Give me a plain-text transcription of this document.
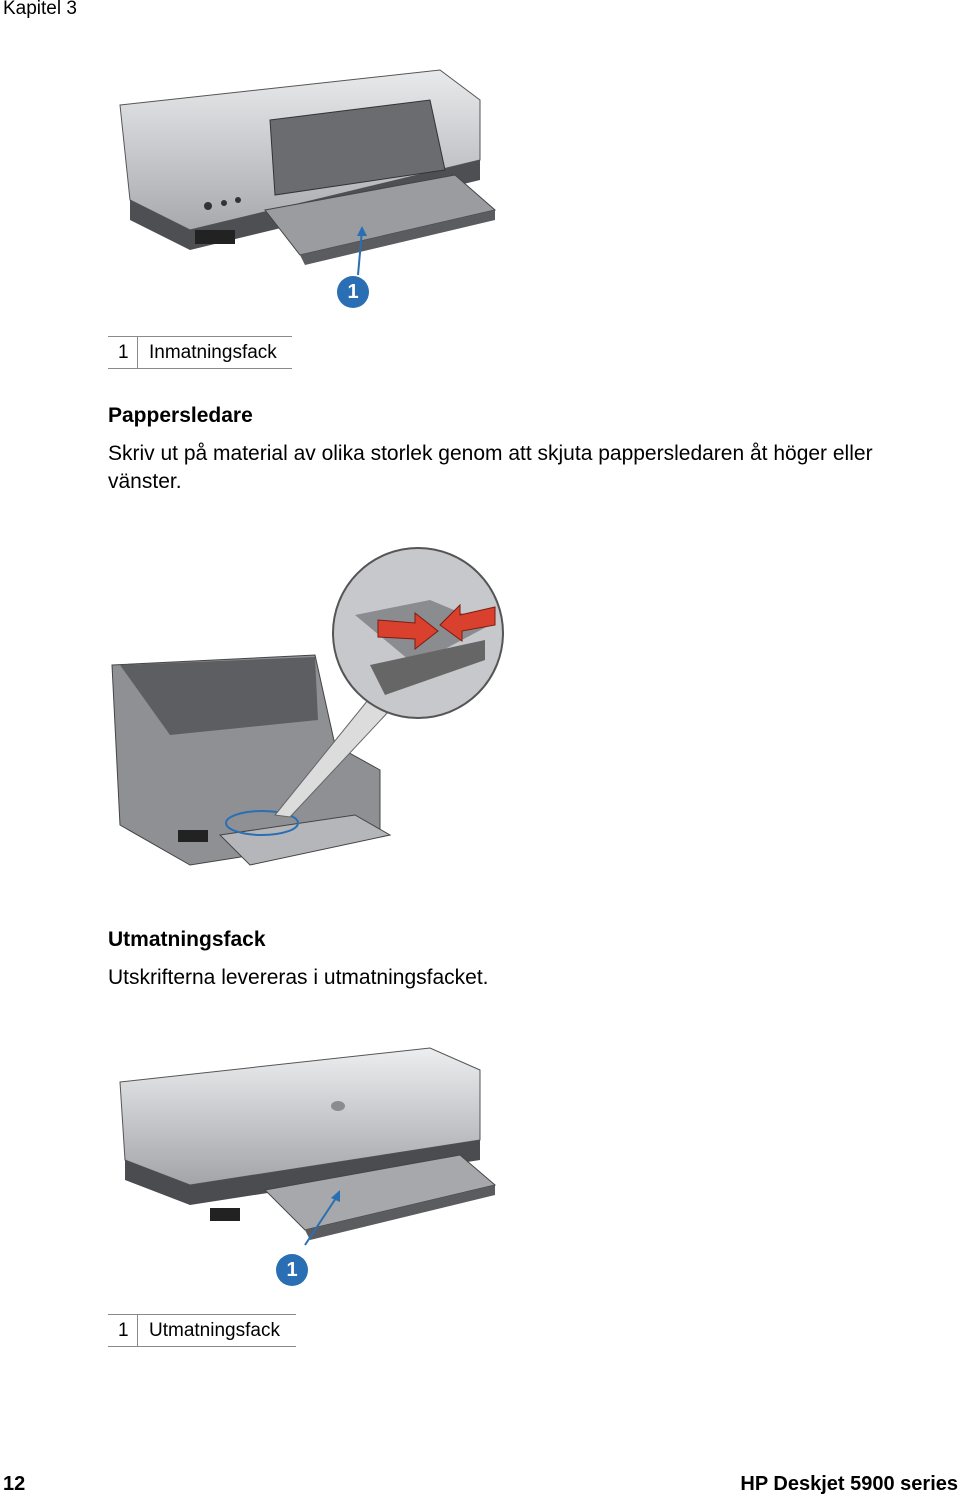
Kapitel 3
1
1	Inmatningsfack
Pappersledare
Skriv ut på material av olika storlek genom att skjuta pappersledaren åt höger eller
vänster.
Utmatningsfack
Utskrifterna levereras i utmatningsfacket.
1
1	Utmatningsfack
12	HP Deskjet 5900 series
